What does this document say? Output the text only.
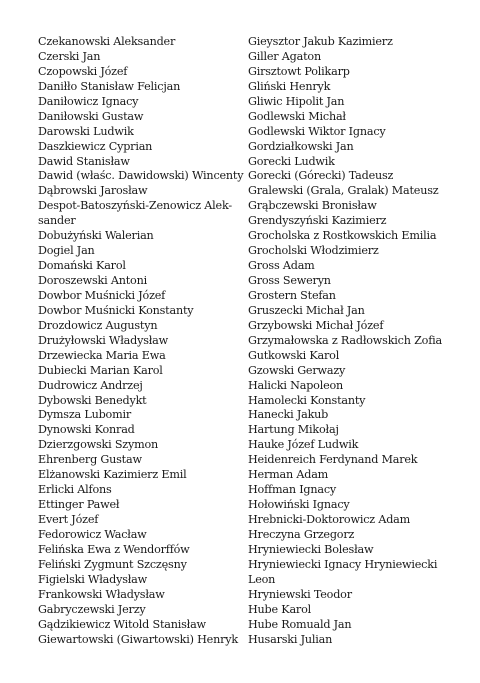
Czekanowski Aleksander
Czerski Jan
Czopowski Józef
Daniłło Stanisław Felicjan
Daniłowicz Ignacy
Daniłowski Gustaw
Darowski Ludwik
Daszkiewicz Cyprian
Dawid Stanisław
Dawid (właśc. Dawidowski) Wincenty
Dąbrowski Jarosław
Despot-Batoszyński-Zenowicz Alek-
sander
Dobużyński Walerian
Dogiel Jan
Domański Karol
Doroszewski Antoni
Dowbor Muśnicki Józef
Dowbor Muśnicki Konstanty
Drozdowicz Augustyn
Drużyłowski Władysław
Drzewiecka Maria Ewa
Dubiecki Marian Karol
Dudrowicz Andrzej
Dybowski Benedykt
Dymsza Lubomir
Dynowski Konrad
Dzierzgowski Szymon
Ehrenberg Gustaw
Elżanowski Kazimierz Emil
Erlicki Alfons
Ettinger Paweł
Evert Józef
Fedorowicz Wacław
Felińska Ewa z Wendorffów
Feliński Zygmunt Szczęsny
Figielski Władysław
Frankowski Władysław
Gabryczewski Jerzy
Gądzikiewicz Witold Stanisław
Giewartowski (Giwartowski) Henryk
Gieysztor Jakub Kazimierz
Giller Agaton
Girsztowt Polikarp
Gliński Henryk
Gliwic Hipolit Jan
Godlewski Michał
Godlewski Wiktor Ignacy
Gordziałkowski Jan
Gorecki Ludwik
Gorecki (Górecki) Tadeusz
Gralewski (Grala, Gralak) Mateusz
Grąbczewski Bronisław
Grendyszyński Kazimierz
Grocholska z Rostkowskich Emilia
Grocholski Włodzimierz
Gross Adam
Gross Seweryn
Grostern Stefan
Gruszecki Michał Jan
Grzybowski Michał Józef
Grzymałowska z Radłowskich Zofia
Gutkowski Karol
Gzowski Gerwazy
Halicki Napoleon
Hamolecki Konstanty
Hanecki Jakub
Hartung Mikołaj
Hauke Józef Ludwik
Heidenreich Ferdynand Marek
Herman Adam
Hoffman Ignacy
Hołowiński Ignacy
Hrebnicki-Doktorowicz Adam
Hreczyna Grzegorz
Hryniewiecki Bolesław
Hryniewiecki Ignacy Hryniewiecki
Leon
Hryniewski Teodor
Hube Karol
Hube Romuald Jan
Husarski Julian
